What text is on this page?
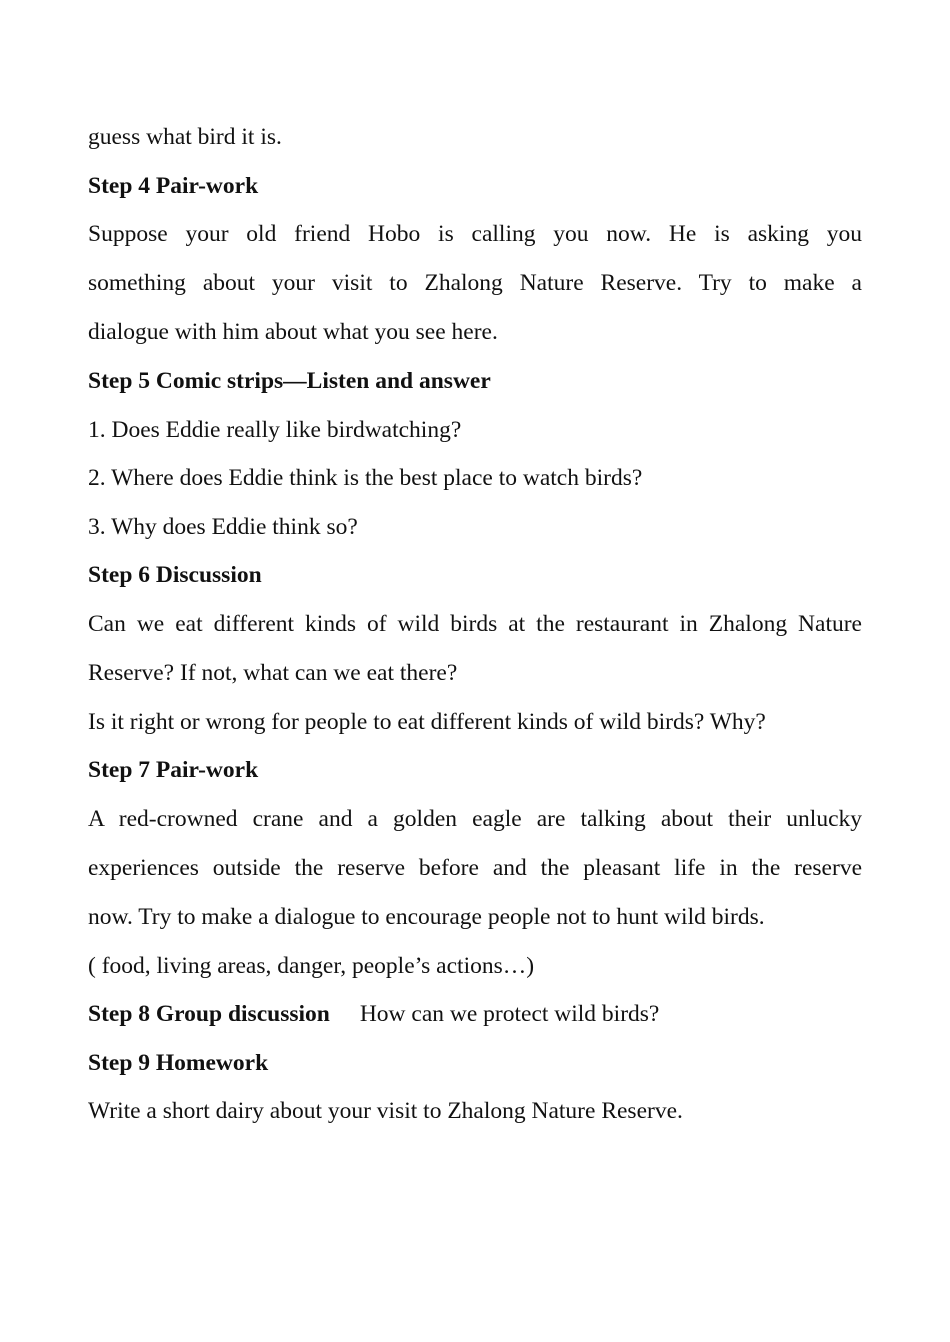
guess what bird it is.
Step 4 Pair-work
Suppose your old friend Hobo is calling you now. He is asking you
something about your visit to Zhalong Nature Reserve. Try to make a
dialogue with him about what you see here.
Step 5 Comic strips—Listen and answer
1. Does Eddie really like birdwatching?
2. Where does Eddie think is the best place to watch birds?
3. Why does Eddie think so?
Step 6 Discussion
Can we eat different kinds of wild birds at the restaurant in Zhalong Nature
Reserve? If not, what can we eat there?
Is it right or wrong for people to eat different kinds of wild birds? Why?
Step 7 Pair-work
A red-crowned crane and a golden eagle are talking about their unlucky
experiences outside the reserve before and the pleasant life in the reserve
now. Try to make a dialogue to encourage people not to hunt wild birds.
( food, living areas, danger, people’s actions…)
Step 8 Group discussion How can we protect wild birds?
Step 9 Homework
Write a short dairy about your visit to Zhalong Nature Reserve.
